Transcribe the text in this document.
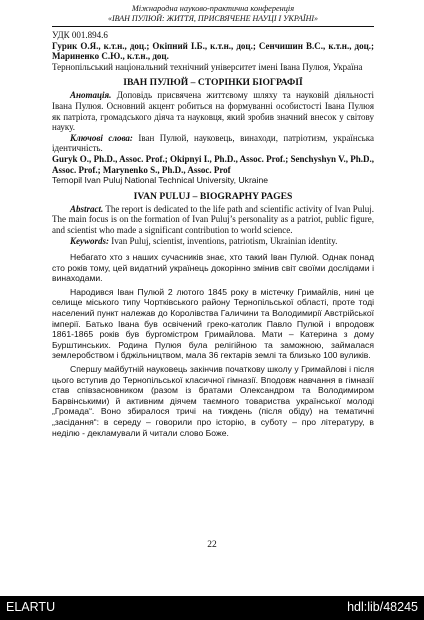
Міжнародна науково-практична конференція
«ІВАН ПУЛЮЙ: ЖИТТЯ, ПРИСВЯЧЕНЕ НАУЦІ І УКРАЇНІ»

УДК 001.894.6

Гурик О.Я., к.т.н., доц.; Окіпний І.Б., к.т.н., доц.; Сенчишин В.С., к.т.н., доц.; Мариненко С.Ю., к.т.н., доц.

Тернопільський національний технічний університет імені Івана Пулюя, Україна

ІВАН ПУЛЮЙ – СТОРІНКИ БІОГРАФІЇ

Анотація. Доповідь присвячена життєвому шляху та науковій діяльності Івана Пулюя. Основний акцент робиться на формуванні особистості Івана Пулюя як патріота, громадського діяча та науковця, який зробив значний внесок у світову науку.

Ключові слова: Іван Пулюй, науковець, винаходи, патріотизм, українська ідентичність.

Guryk O., Ph.D., Assoc. Prof.; Okipnyi I., Ph.D., Assoc. Prof.; Senchyshyn V., Ph.D., Assoc. Prof.; Marynenko S., Ph.D., Assoc. Prof

Ternopil Ivan Puluj National Technical University, Ukraine

IVAN PULUJ – BIOGRAPHY PAGES

Abstract. The report is dedicated to the life path and scientific activity of Ivan Puluj. The main focus is on the formation of Ivan Puluj’s personality as a patriot, public figure, and scientist who made a significant contribution to world science.

Keywords: Ivan Puluj, scientist, inventions, patriotism, Ukrainian identity.

Небагато хто з наших сучасників знає, хто такий Іван Пулюй. Однак понад сто років тому, цей видатний українець докорінно змінив світ своїми дослідами і винаходами.

Народився Іван Пулюй 2 лютого 1845 року в містечку Гримайлів, нині це селище міського типу Чортківського району Тернопільської області, проте тоді населений пункт належав до Королівства Галичини та Володимирії Австрійської імперії. Батько Івана був освічений греко-католик Павло Пулюй і впродовж 1861-1865 років був бургомістром Гримайлова. Мати – Катерина з дому Бурштинських. Родина Пулюя була релігійною та заможною, займалася землеробством і бджільництвом, мала 36 гектарів землі та близько 100 вуликів.

Спершу майбутній науковець закінчив початкову школу у Гримайлові і після цього вступив до Тернопільської класичної гімназії. Вподовж навчання в гімназії став співзасновником (разом із братами Олександром та Володимиром Барвінськими) й активним діячем таємного товариства української молоді „Громада“. Воно збиралося тричі на тиждень (після обіду) на тематичні „засідання“: в середу – говорили про історію, в суботу – про літературу, в неділю - декламували й читали слово Боже.

22
ELARTU	hdl:lib/48245
